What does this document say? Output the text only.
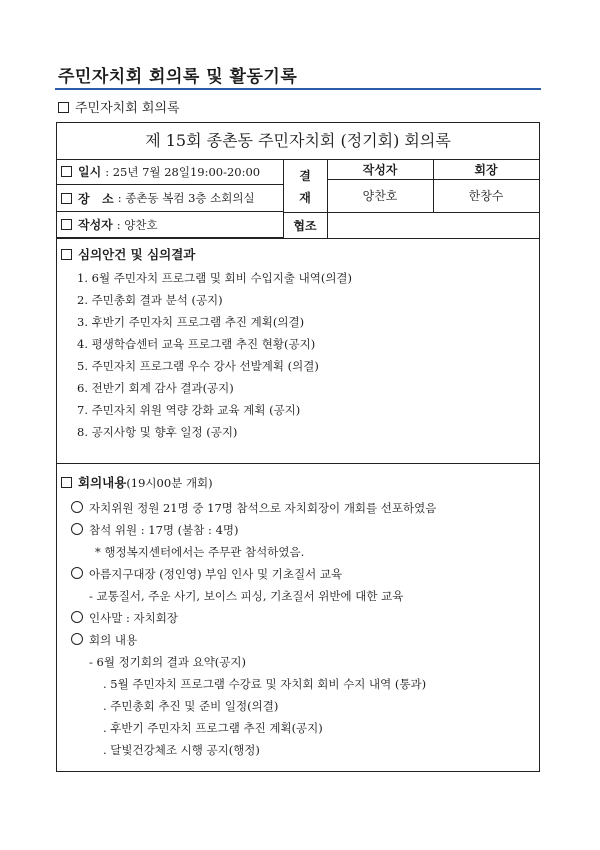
주민자치회 회의록 및 활동기록
주민자치회 회의록
제 15회 종촌동 주민자치회 (정기회) 회의록
일시 : 25년 7월 28일19:00-20:00
장   소 : 종촌동 복컴 3층 소회의실
작성자 : 양찬호
결
재
작성자	회장
양찬호	한창수
협조
심의안건 및 심의결과
1. 6월 주민자치 프로그램 및 회비 수입지출 내역(의결)
2. 주민총회 결과 분석 (공지)
3. 후반기 주민자치 프로그램 추진 계획(의결)
4. 평생학습센터 교육 프로그램 추진 현황(공지)
5. 주민자치 프로그램 우수 강사 선발계획 (의결)
6. 전반기 회계 감사 결과(공지)
7. 주민자치 위원 역량 강화 교육 계획 (공지)
8. 공지사항 및 향후 일정 (공지)
회의내용(19시00분 개회)
자치위원 정원 21명 중 17명 참석으로 자치회장이 개회를 선포하였음
참석 위원 : 17명 (불참 : 4명)
* 행정복지센터에서는 주무관 참석하였음.
아름지구대장 (정인영) 부임 인사 및 기초질서 교육
- 교통질서, 주운 사기, 보이스 피싱, 기초질서 위반에 대한 교육
인사말 : 자치회장
회의 내용
- 6월 정기회의 결과 요약(공지)
. 5월 주민자치 프로그램 수강료 및 자치회 회비 수지 내역 (통과)
. 주민총회 추진 및 준비 일정(의결)
. 후반기 주민자치 프로그램 추진 계획(공지)
. 달빛건강체조 시행 공지(행정)
